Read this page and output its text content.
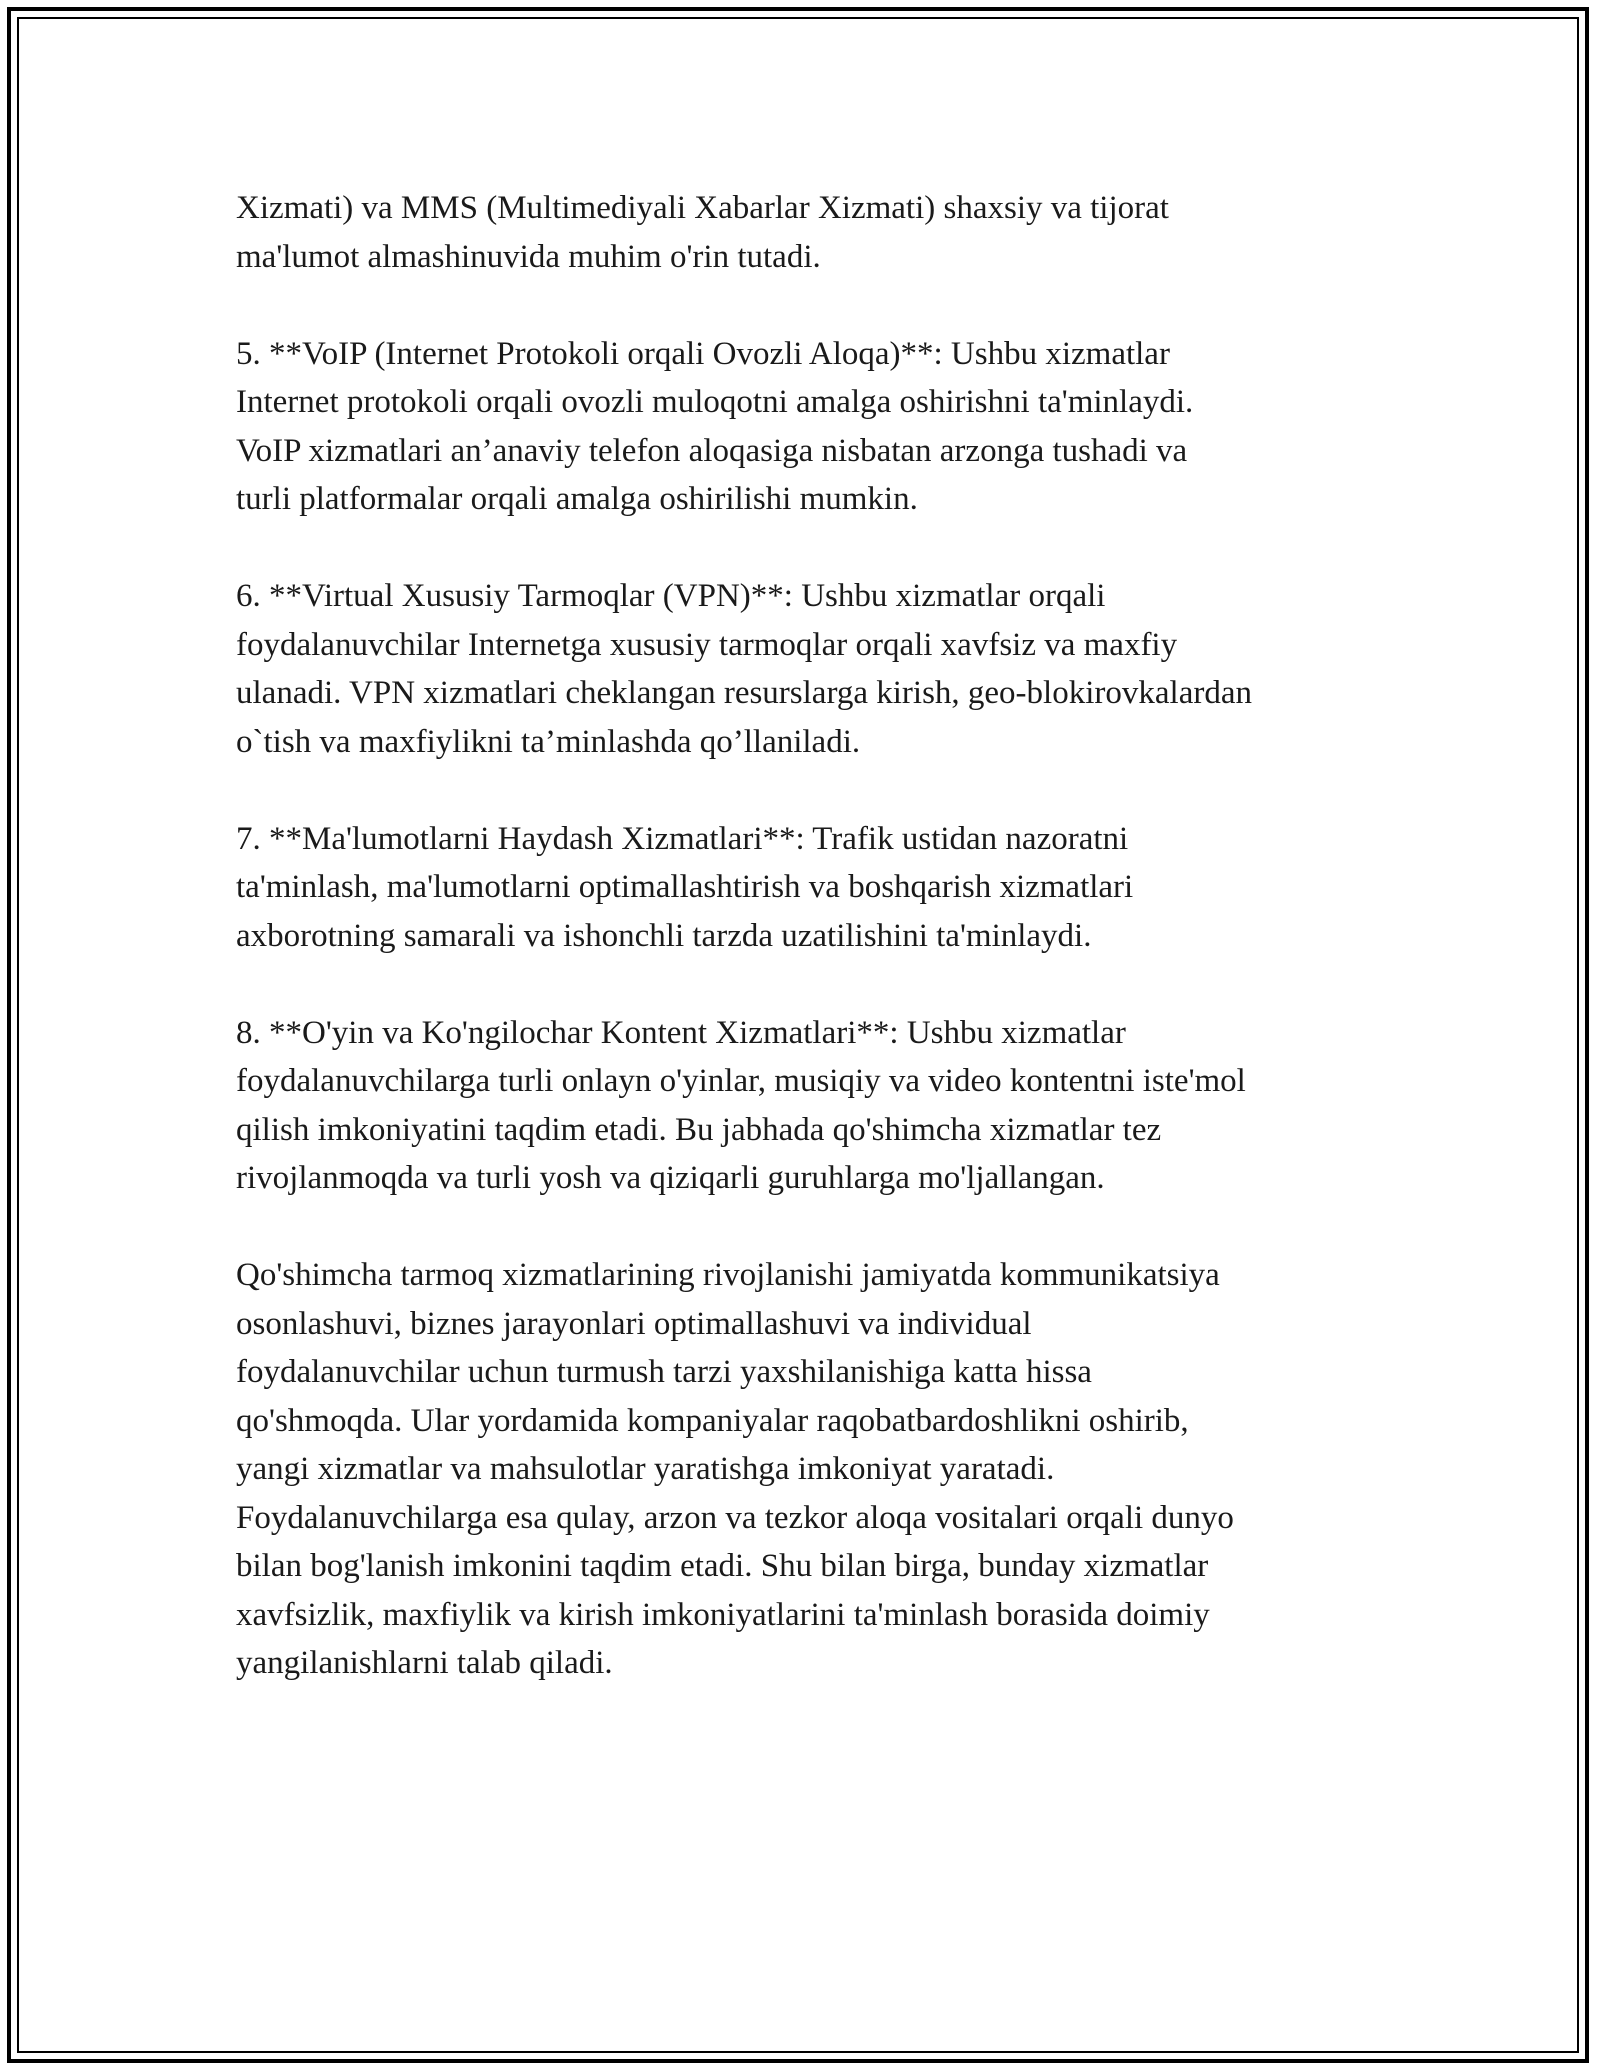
Xizmati) va MMS (Multimediyali Xabarlar Xizmati) shaxsiy va tijorat
ma'lumot almashinuvida muhim o'rin tutadi.
5. **VoIP (Internet Protokoli orqali Ovozli Aloqa)**: Ushbu xizmatlar
Internet protokoli orqali ovozli muloqotni amalga oshirishni ta'minlaydi.
VoIP xizmatlari an’anaviy telefon aloqasiga nisbatan arzonga tushadi va
turli platformalar orqali amalga oshirilishi mumkin.
6. **Virtual Xususiy Tarmoqlar (VPN)**: Ushbu xizmatlar orqali
foydalanuvchilar Internetga xususiy tarmoqlar orqali xavfsiz va maxfiy
ulanadi. VPN xizmatlari cheklangan resurslarga kirish, geo-blokirovkalardan
o`tish va maxfiylikni ta’minlashda qo’llaniladi.
7. **Ma'lumotlarni Haydash Xizmatlari**: Trafik ustidan nazoratni
ta'minlash, ma'lumotlarni optimallashtirish va boshqarish xizmatlari
axborotning samarali va ishonchli tarzda uzatilishini ta'minlaydi.
8. **O'yin va Ko'ngilochar Kontent Xizmatlari**: Ushbu xizmatlar
foydalanuvchilarga turli onlayn o'yinlar, musiqiy va video kontentni iste'mol
qilish imkoniyatini taqdim etadi. Bu jabhada qo'shimcha xizmatlar tez
rivojlanmoqda va turli yosh va qiziqarli guruhlarga mo'ljallangan.
Qo'shimcha tarmoq xizmatlarining rivojlanishi jamiyatda kommunikatsiya
osonlashuvi, biznes jarayonlari optimallashuvi va individual
foydalanuvchilar uchun turmush tarzi yaxshilanishiga katta hissa
qo'shmoqda. Ular yordamida kompaniyalar raqobatbardoshlikni oshirib,
yangi xizmatlar va mahsulotlar yaratishga imkoniyat yaratadi.
Foydalanuvchilarga esa qulay, arzon va tezkor aloqa vositalari orqali dunyo
bilan bog'lanish imkonini taqdim etadi. Shu bilan birga, bunday xizmatlar
xavfsizlik, maxfiylik va kirish imkoniyatlarini ta'minlash borasida doimiy
yangilanishlarni talab qiladi.
